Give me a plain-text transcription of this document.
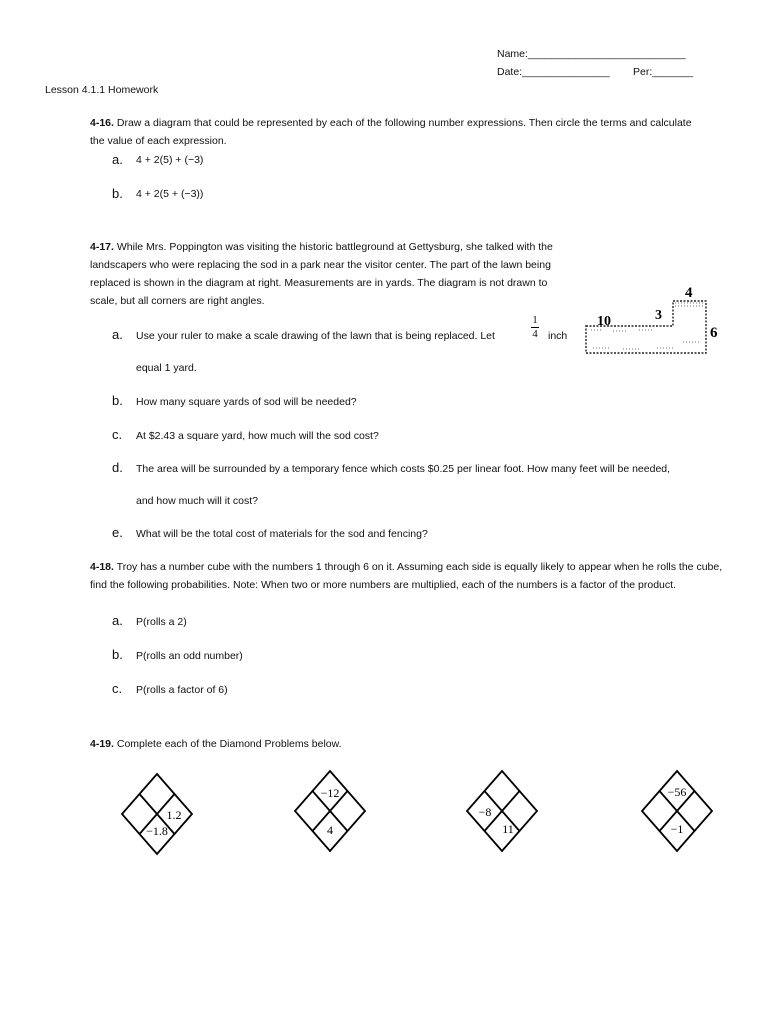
Name:___________________________
Date:_______________ Per:_______
Lesson 4.1.1 Homework
4-16. Draw a diagram that could be represented by each of the following number expressions. Then circle the terms and calculate the value of each expression.
a. 4 + 2(5) + (−3)
b. 4 + 2(5 + (−3))
4-17. While Mrs. Poppington was visiting the historic battleground at Gettysburg, she talked with the landscapers who were replacing the sod in a park near the visitor center. The part of the lawn being replaced is shown in the diagram at right. Measurements are in yards. The diagram is not drawn to scale, but all corners are right angles.	4
3
10
6
a. Use your ruler to make a scale drawing of the lawn that is being replaced. Let
1
4 inch
equal 1 yard.
b. How many square yards of sod will be needed?
c. At $2.43 a square yard, how much will the sod cost?
d. The area will be surrounded by a temporary fence which costs $0.25 per linear foot. How many feet will be needed,
and how much will it cost?
e. What will be the total cost of materials for the sod and fencing?
4-18. Troy has a number cube with the numbers 1 through 6 on it. Assuming each side is equally likely to appear when he rolls the cube, find the following probabilities. Note: When two or more numbers are multiplied, each of the numbers is a factor of the product.
a. P(rolls a 2)
b. P(rolls an odd number)
c. P(rolls a factor of 6)
4-19. Complete each of the Diamond Problems below.
1.2
−1.8
−12
4
−8
11
−56
−1
